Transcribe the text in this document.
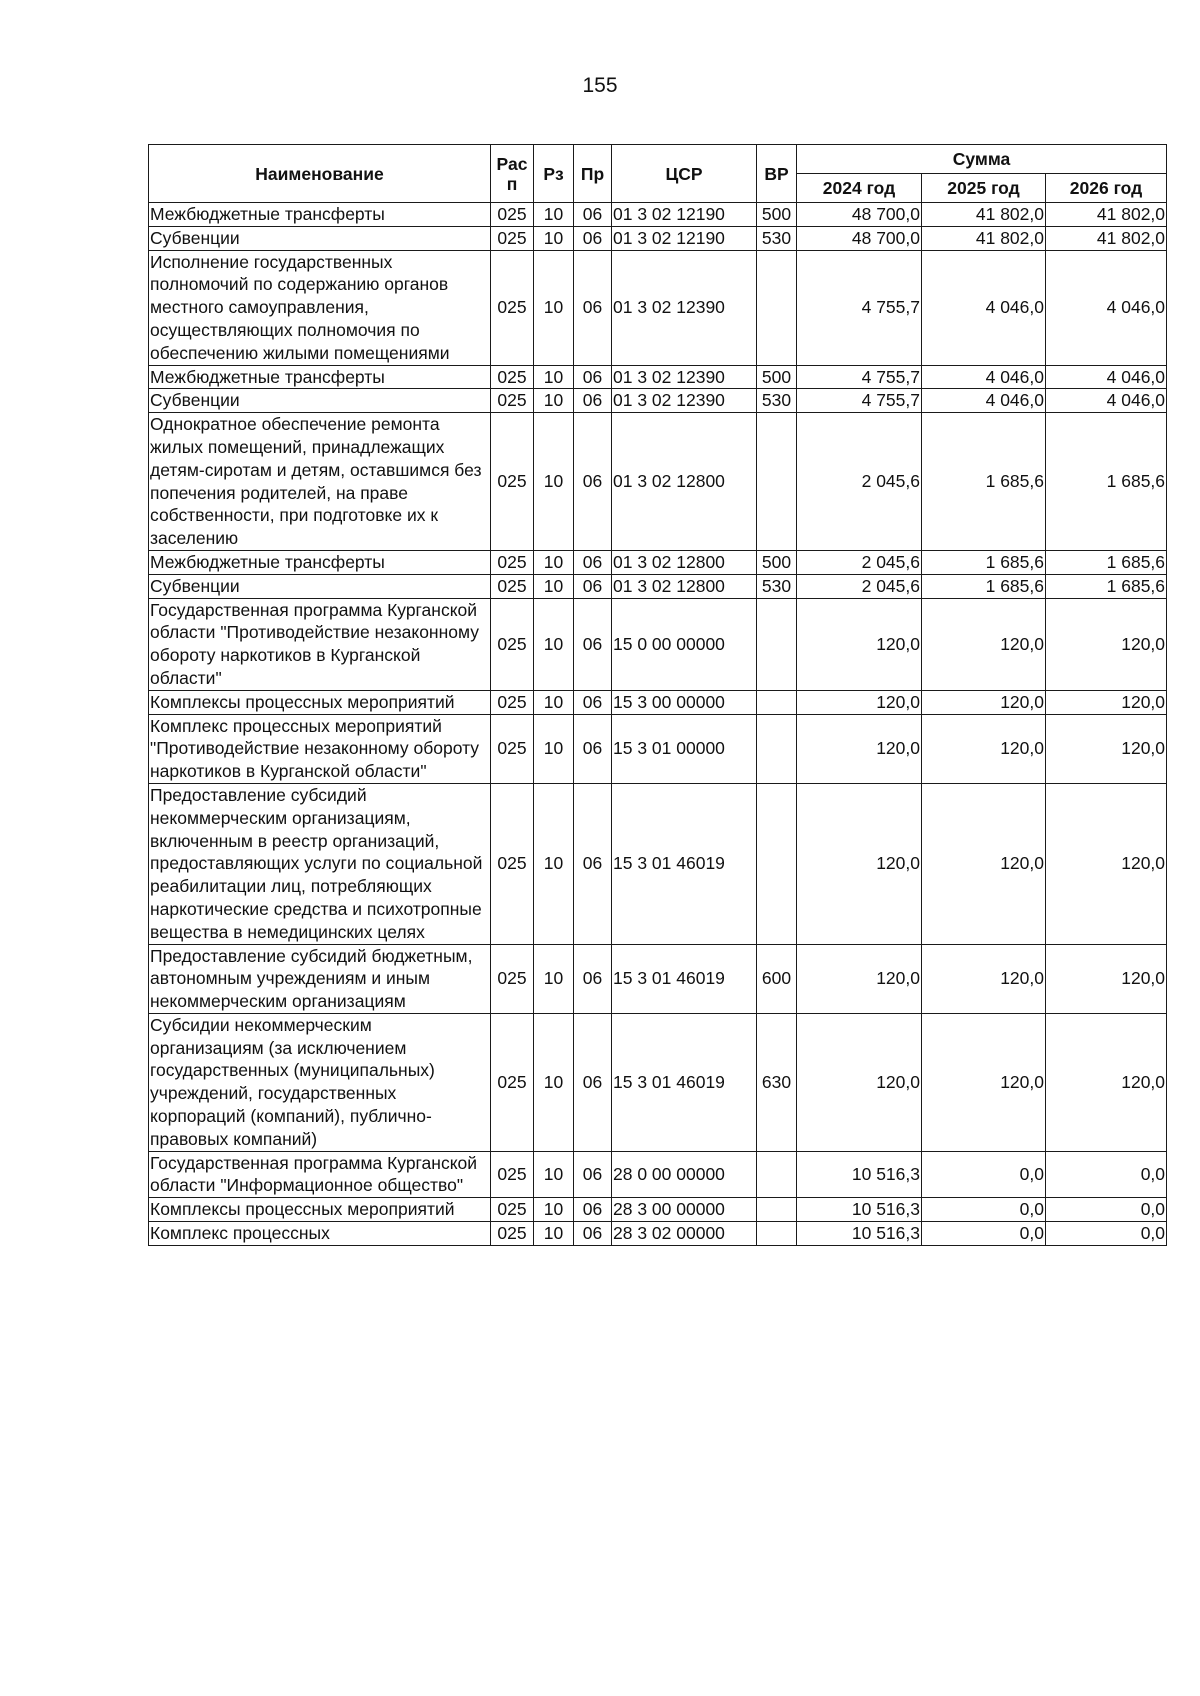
155
Наименование	Рас п	Рз	Пр	ЦСР	ВР	Сумма		
						2024 год	2025 год	2026 год
Межбюджетные трансферты	025	10	06	01 3 02 12190	500	48 700,0	41 802,0	41 802,0
Субвенции	025	10	06	01 3 02 12190	530	48 700,0	41 802,0	41 802,0
Исполнение государственных полномочий по содержанию органов местного самоуправления, осуществляющих полномочия по обеспечению жилыми помещениями	025	10	06	01 3 02 12390		4 755,7	4 046,0	4 046,0
Межбюджетные трансферты	025	10	06	01 3 02 12390	500	4 755,7	4 046,0	4 046,0
Субвенции	025	10	06	01 3 02 12390	530	4 755,7	4 046,0	4 046,0
Однократное обеспечение ремонта жилых помещений, принадлежащих детям-сиротам и детям, оставшимся без попечения родителей, на праве собственности, при подготовке их к заселению	025	10	06	01 3 02 12800		2 045,6	1 685,6	1 685,6
Межбюджетные трансферты	025	10	06	01 3 02 12800	500	2 045,6	1 685,6	1 685,6
Субвенции	025	10	06	01 3 02 12800	530	2 045,6	1 685,6	1 685,6
Государственная программа Курганской области "Противодействие незаконному обороту наркотиков в Курганской области"	025	10	06	15 0 00 00000		120,0	120,0	120,0
Комплексы процессных мероприятий	025	10	06	15 3 00 00000		120,0	120,0	120,0
Комплекс процессных мероприятий "Противодействие незаконному обороту наркотиков в Курганской области"	025	10	06	15 3 01 00000		120,0	120,0	120,0
Предоставление субсидий некоммерческим организациям, включенным в реестр организаций, предоставляющих услуги по социальной реабилитации лиц, потребляющих наркотические средства и психотропные вещества в немедицинских целях	025	10	06	15 3 01 46019		120,0	120,0	120,0
Предоставление субсидий бюджетным, автономным учреждениям и иным некоммерческим организациям	025	10	06	15 3 01 46019	600	120,0	120,0	120,0
Субсидии некоммерческим организациям (за исключением государственных (муниципальных) учреждений, государственных корпораций (компаний), публично-правовых компаний)	025	10	06	15 3 01 46019	630	120,0	120,0	120,0
Государственная программа Курганской области "Информационное общество"	025	10	06	28 0 00 00000		10 516,3	0,0	0,0
Комплексы процессных мероприятий	025	10	06	28 3 00 00000		10 516,3	0,0	0,0
Комплекс процессных	025	10	06	28 3 02 00000		10 516,3	0,0	0,0
